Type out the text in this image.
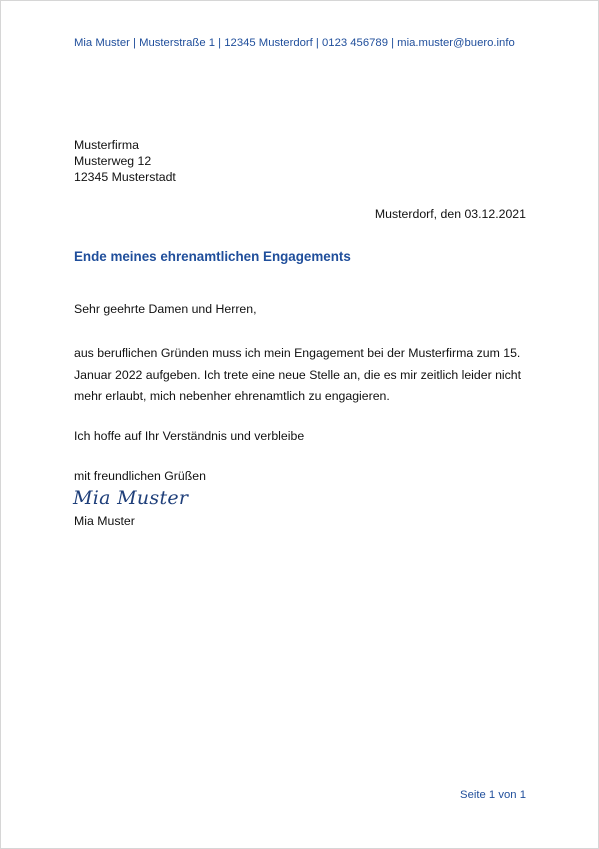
Mia Muster | Musterstraße 1 | 12345 Musterdorf | 0123 456789 | mia.muster@buero.info
Musterfirma
Musterweg 12
12345 Musterstadt
Musterdorf, den 03.12.2021
Ende meines ehrenamtlichen Engagements
Sehr geehrte Damen und Herren,
aus beruflichen Gründen muss ich mein Engagement bei der Musterfirma zum 15.
Januar 2022 aufgeben. Ich trete eine neue Stelle an, die es mir zeitlich leider nicht
mehr erlaubt, mich nebenher ehrenamtlich zu engagieren.
Ich hoffe auf Ihr Verständnis und verbleibe
mit freundlichen Grüßen
Mia Muster
Mia Muster
Seite 1 von 1
